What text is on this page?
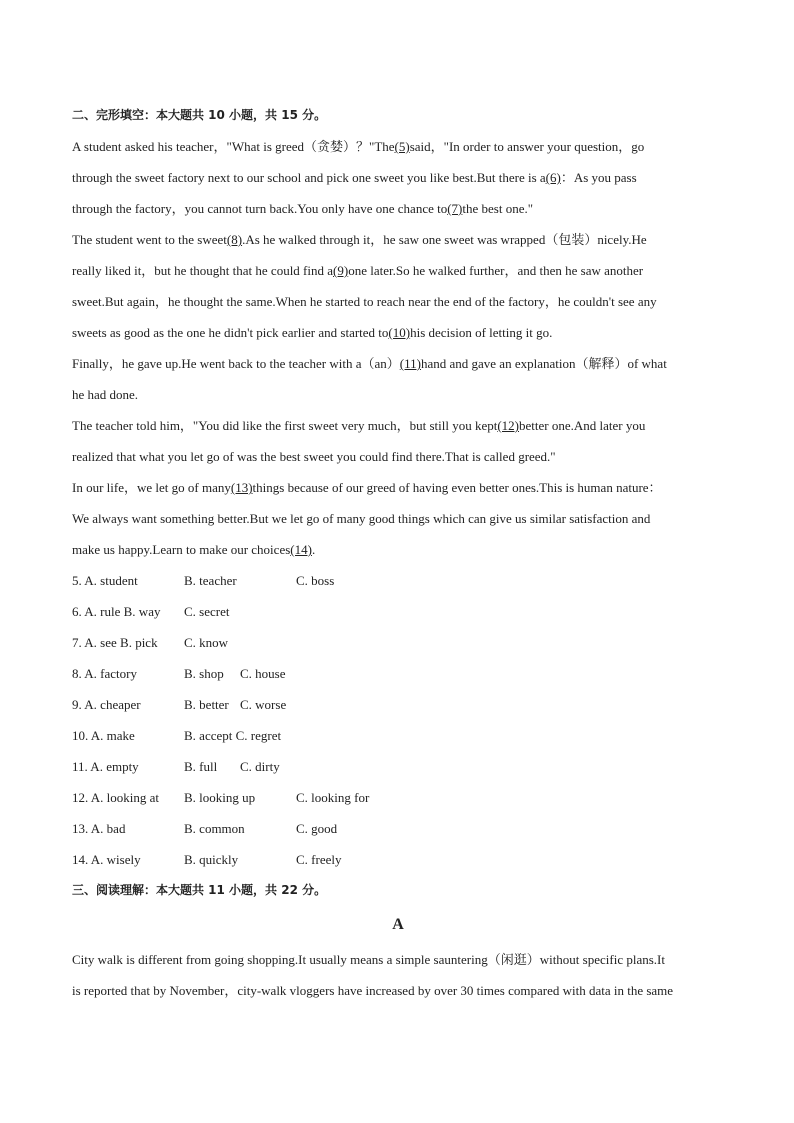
二、完形填空：本大题共 10 小题，共 15 分。
A student asked his teacher，"What is greed（贪婪）？"The(5)said，"In order to answer your question，go
through the sweet factory next to our school and pick one sweet you like best.But there is a(6)：As you pass
through the factory，you cannot turn back.You only have one chance to(7)the best one."
The student went to the sweet(8).As he walked through it，he saw one sweet was wrapped（包装）nicely.He
really liked it，but he thought that he could find a(9)one later.So he walked further，and then he saw another
sweet.But again，he thought the same.When he started to reach near the end of the factory，he couldn't see any
sweets as good as the one he didn't pick earlier and started to(10)his decision of letting it go.
Finally，he gave up.He went back to the teacher with a（an）(11)hand and gave an explanation（解释）of what
he had done.
The teacher told him，"You did like the first sweet very much，but still you kept(12)better one.And later you
realized that what you let go of was the best sweet you could find there.That is called greed."
In our life，we let go of many(13)things because of our greed of having even better ones.This is human nature：
We always want something better.But we let go of many good things which can give us similar satisfaction and
make us happy.Learn to make our choices(14).
5. A. student	B. teacher	C. boss
6. A. rule B. way	C. secret
7. A. see B. pick	C. know
8. A. factory	B. shop	C. house
9. A. cheaper	B. better C. worse
10. A. make	B. accept C. regret
11. A. empty	B. full	C. dirty
12. A. looking at	B. looking up	C. looking for
13. A. bad	B. common	C. good
14. A. wisely	B. quickly	C. freely
三、阅读理解：本大题共 11 小题，共 22 分。
A
City walk is different from going shopping.It usually means a simple sauntering（闲逛）without specific plans.It
is reported that by November，city-walk vloggers have increased by over 30 times compared with data in the same
